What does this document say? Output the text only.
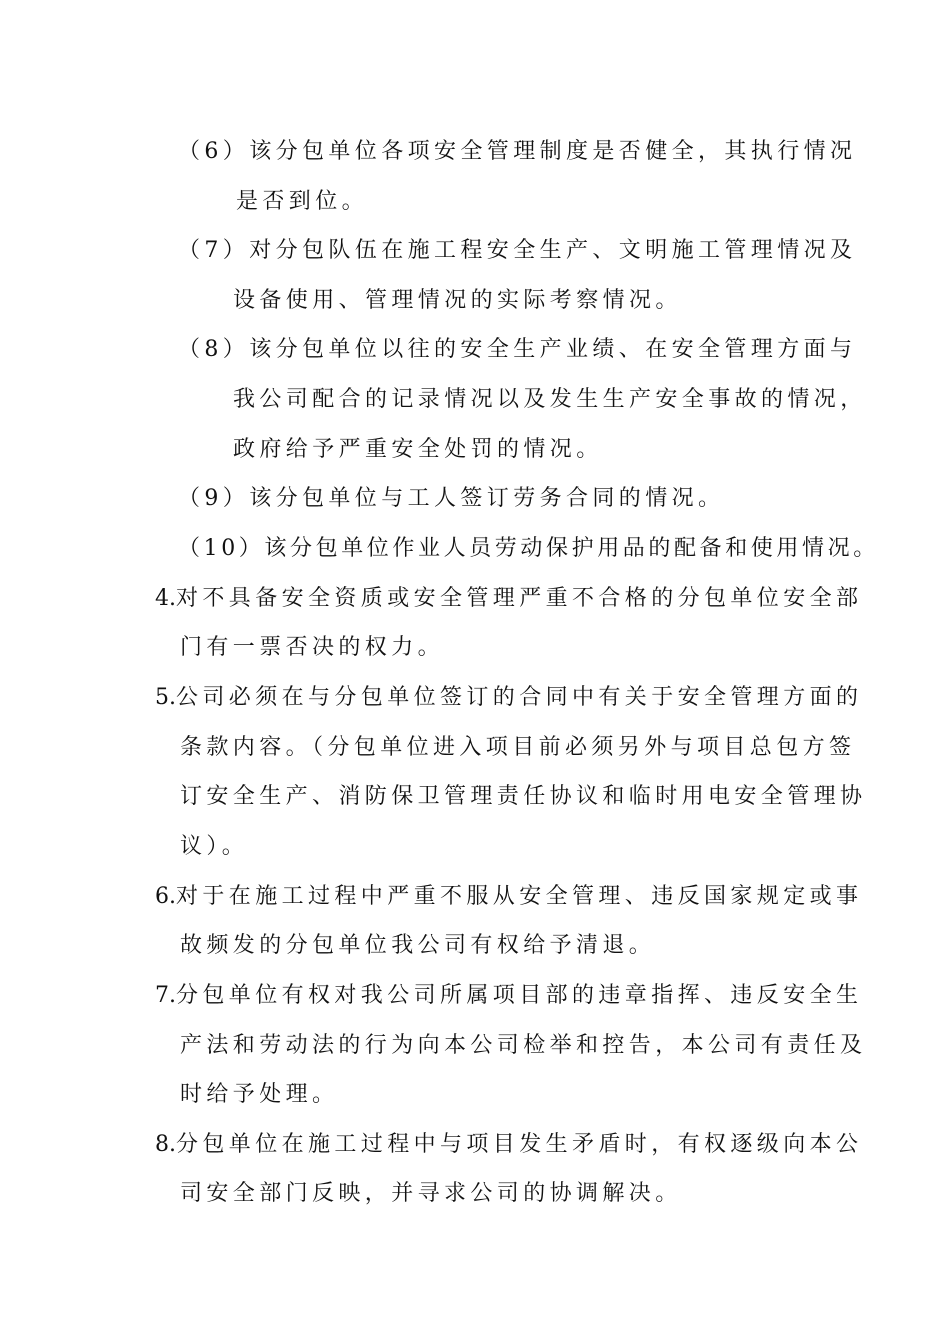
（6）该分包单位各项安全管理制度是否健全，其执行情况
是否到位。
（7）对分包队伍在施工程安全生产、文明施工管理情况及
设备使用、管理情况的实际考察情况。
（8）该分包单位以往的安全生产业绩、在安全管理方面与
我公司配合的记录情况以及发生生产安全事故的情况，
政府给予严重安全处罚的情况。
（9）该分包单位与工人签订劳务合同的情况。
（10）该分包单位作业人员劳动保护用品的配备和使用情况。
4.对不具备安全资质或安全管理严重不合格的分包单位安全部
门有一票否决的权力。
5.公司必须在与分包单位签订的合同中有关于安全管理方面的
条款内容。（分包单位进入项目前必须另外与项目总包方签
订安全生产、消防保卫管理责任协议和临时用电安全管理协
议）。
6.对于在施工过程中严重不服从安全管理、违反国家规定或事
故频发的分包单位我公司有权给予清退。
7.分包单位有权对我公司所属项目部的违章指挥、违反安全生
产法和劳动法的行为向本公司检举和控告，本公司有责任及
时给予处理。
8.分包单位在施工过程中与项目发生矛盾时，有权逐级向本公
司安全部门反映，并寻求公司的协调解决。
